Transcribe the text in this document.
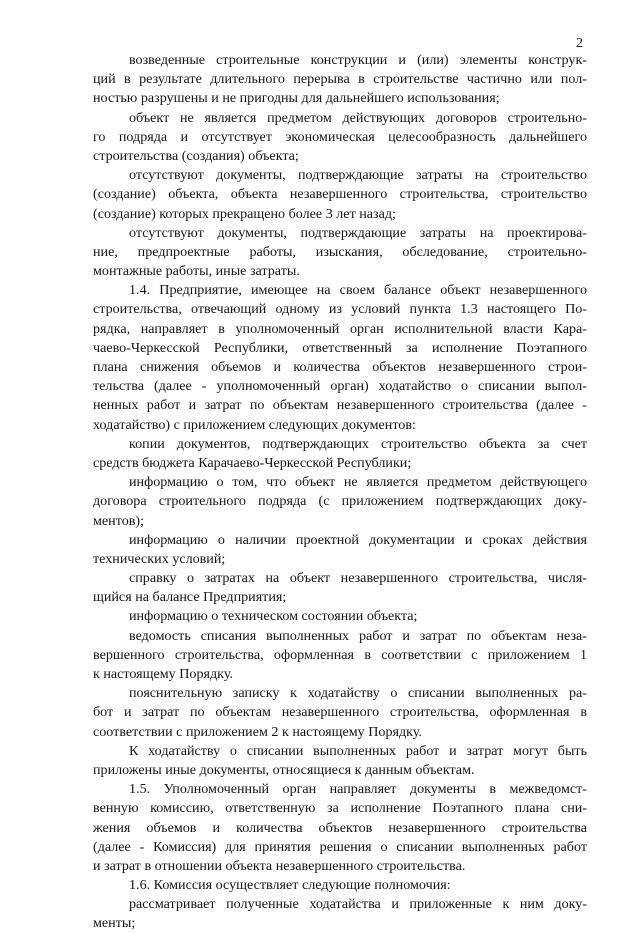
2
возведенные строительные конструкции и (или) элементы конструк-
ций в результате длительного перерыва в строительстве частично или пол-
ностью разрушены и не пригодны для дальнейшего использования;
объект не является предметом действующих договоров строительно-
го подряда и отсутствует экономическая целесообразность дальнейшего
строительства (создания) объекта;
отсутствуют документы, подтверждающие затраты на строительство
(создание) объекта, объекта незавершенного строительства, строительство
(создание) которых прекращено более 3 лет назад;
отсутствуют документы, подтверждающие затраты на проектирова-
ние, предпроектные работы, изыскания, обследование, строительно-
монтажные работы, иные затраты.
1.4. Предприятие, имеющее на своем балансе объект незавершенного
строительства, отвечающий одному из условий пункта 1.3 настоящего По-
рядка, направляет в уполномоченный орган исполнительной власти Кара-
чаево-Черкесской Республики, ответственный за исполнение Поэтапного
плана снижения объемов и количества объектов незавершенного строи-
тельства (далее - уполномоченный орган) ходатайство о списании выпол-
ненных работ и затрат по объектам незавершенного строительства (далее -
ходатайство) с приложением следующих документов:
копии документов, подтверждающих строительство объекта за счет
средств бюджета Карачаево-Черкесской Республики;
информацию о том, что объект не является предметом действующего
договора строительного подряда (с приложением подтверждающих доку-
ментов);
информацию о наличии проектной документации и сроках действия
технических условий;
справку о затратах на объект незавершенного строительства, числя-
щийся на балансе Предприятия;
информацию о техническом состоянии объекта;
ведомость списания выполненных работ и затрат по объектам неза-
вершенного строительства, оформленная в соответствии с приложением 1
к настоящему Порядку.
пояснительную записку к ходатайству о списании выполненных ра-
бот и затрат по объектам незавершенного строительства, оформленная в
соответствии с приложением 2 к настоящему Порядку.
К ходатайству о списании выполненных работ и затрат могут быть
приложены иные документы, относящиеся к данным объектам.
1.5. Уполномоченный орган направляет документы в межведомст-
венную комиссию, ответственную за исполнение Поэтапного плана сни-
жения объемов и количества объектов незавершенного строительства
(далее - Комиссия) для принятия решения о списании выполненных работ
и затрат в отношении объекта незавершенного строительства.
1.6. Комиссия осуществляет следующие полномочия:
рассматривает полученные ходатайства и приложенные к ним доку-
менты;
